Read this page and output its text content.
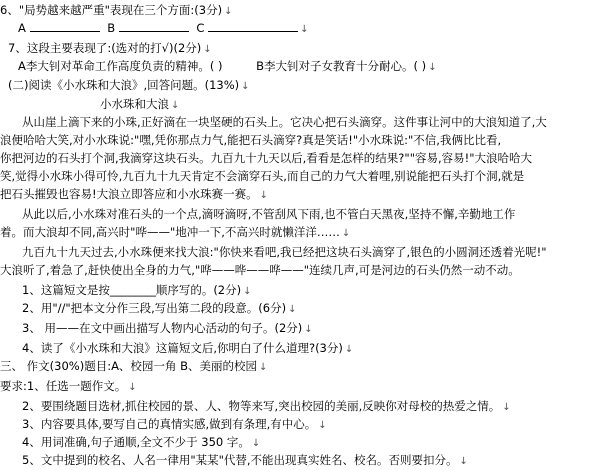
6、"局势越来越严重"表现在三个方面:(3分) ↓
A	B	C	↓
7、这段主要表现了:(选对的打√)(2分) ↓
A李大钊对革命工作高度负责的精神。( )	B李大钊对子女教育十分耐心。( ) ↓
(二)阅读《小水珠和大浪》,回答问题。(13%) ↓
小水珠和大浪 ↓
从山崖上滴下来的小珠,正好滴在一块坚硬的石头上。它决心把石头滴穿。这件事让河中的大浪知道了,大
浪便哈哈大笑,对小水珠说:"嘿,凭你那点力气,能把石头滴穿?真是笑话!"小水珠说:"不信,我俩比比看,
你把河边的石头打个洞,我滴穿这块石头。九百九十九天以后,看看是怎样的结果?""容易,容易!"大浪哈哈大
笑,觉得小水珠小得可怜,九百九十九天肯定不会滴穿石头,而自己的力气大着哩,别说能把石头打个洞,就是
把石头摧毁也容易!大浪立即答应和小水珠赛一赛。 ↓
从此以后,小水珠对准石头的一个点,滴呀滴呀,不管刮风下雨,也不管白天黑夜,坚持不懈,辛勤地工作
着。而大浪却不同,高兴时"哗——"地冲一下,不高兴时就懒洋洋…… ↓
九百九十九天过去,小水珠便来找大浪:"你快来看吧,我已经把这块石头滴穿了,银色的小圆洞还透着光呢!"
大浪听了,着急了,赶快使出全身的力气,"哗——哗——哗——"连续几声,可是河边的石头仍然一动不动。
1、这篇短文是按________顺序写的。(2分) ↓
2、用"//"把本文分作三段,写出第二段的段意。(6分) ↓
3、 用——在文中画出描写人物内心活动的句子。(2分) ↓
4、读了《小水珠和大浪》这篇短文后,你明白了什么道理?(3分) ↓
三、 作文(30%)题目:A、校园一角 B、美丽的校园 ↓
要求:1、任选一题作文。 ↓
2、要围绕题目选材,抓住校园的景、人、物等来写,突出校园的美丽,反映你对母校的热爱之情。 ↓
3、内容要具体,要写自己的真情实感,做到有条理,有中心。 ↓
4、用词准确,句子通顺,全文不少于 350 字。 ↓
5、文中提到的校名、人名一律用"某某"代替,不能出现真实姓名、校名。否则要扣分。 ↓
